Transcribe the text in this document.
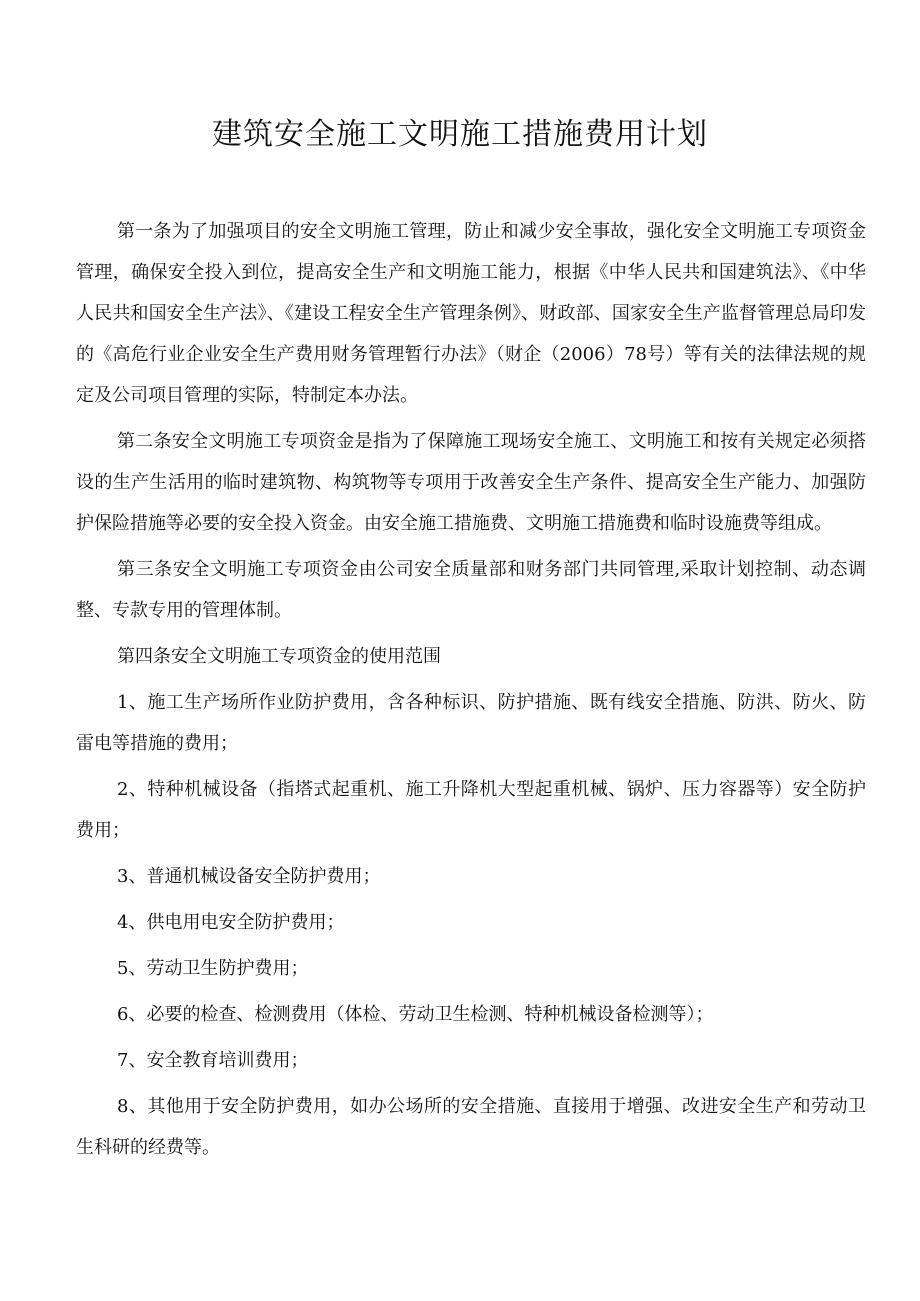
建筑安全施工文明施工措施费用计划

第一条为了加强项目的安全文明施工管理，防止和减少安全事故，强化安全文明施工专项资金管理，确保安全投入到位，提高安全生产和文明施工能力，根据《中华人民共和国建筑法》、《中华人民共和国安全生产法》、《建设工程安全生产管理条例》、财政部、国家安全生产监督管理总局印发的《高危行业企业安全生产费用财务管理暂行办法》（财企（2006）78号）等有关的法律法规的规定及公司项目管理的实际，特制定本办法。

第二条安全文明施工专项资金是指为了保障施工现场安全施工、文明施工和按有关规定必须搭设的生产生活用的临时建筑物、构筑物等专项用于改善安全生产条件、提高安全生产能力、加强防护保险措施等必要的安全投入资金。由安全施工措施费、文明施工措施费和临时设施费等组成。

第三条安全文明施工专项资金由公司安全质量部和财务部门共同管理,采取计划控制、动态调整、专款专用的管理体制。

第四条安全文明施工专项资金的使用范围

1、施工生产场所作业防护费用，含各种标识、防护措施、既有线安全措施、防洪、防火、防雷电等措施的费用；

2、特种机械设备（指塔式起重机、施工升降机大型起重机械、锅炉、压力容器等）安全防护费用；

3、普通机械设备安全防护费用；

4、供电用电安全防护费用；

5、劳动卫生防护费用；

6、必要的检查、检测费用（体检、劳动卫生检测、特种机械设备检测等）；

7、安全教育培训费用；

8、其他用于安全防护费用，如办公场所的安全措施、直接用于增强、改进安全生产和劳动卫生科研的经费等。
